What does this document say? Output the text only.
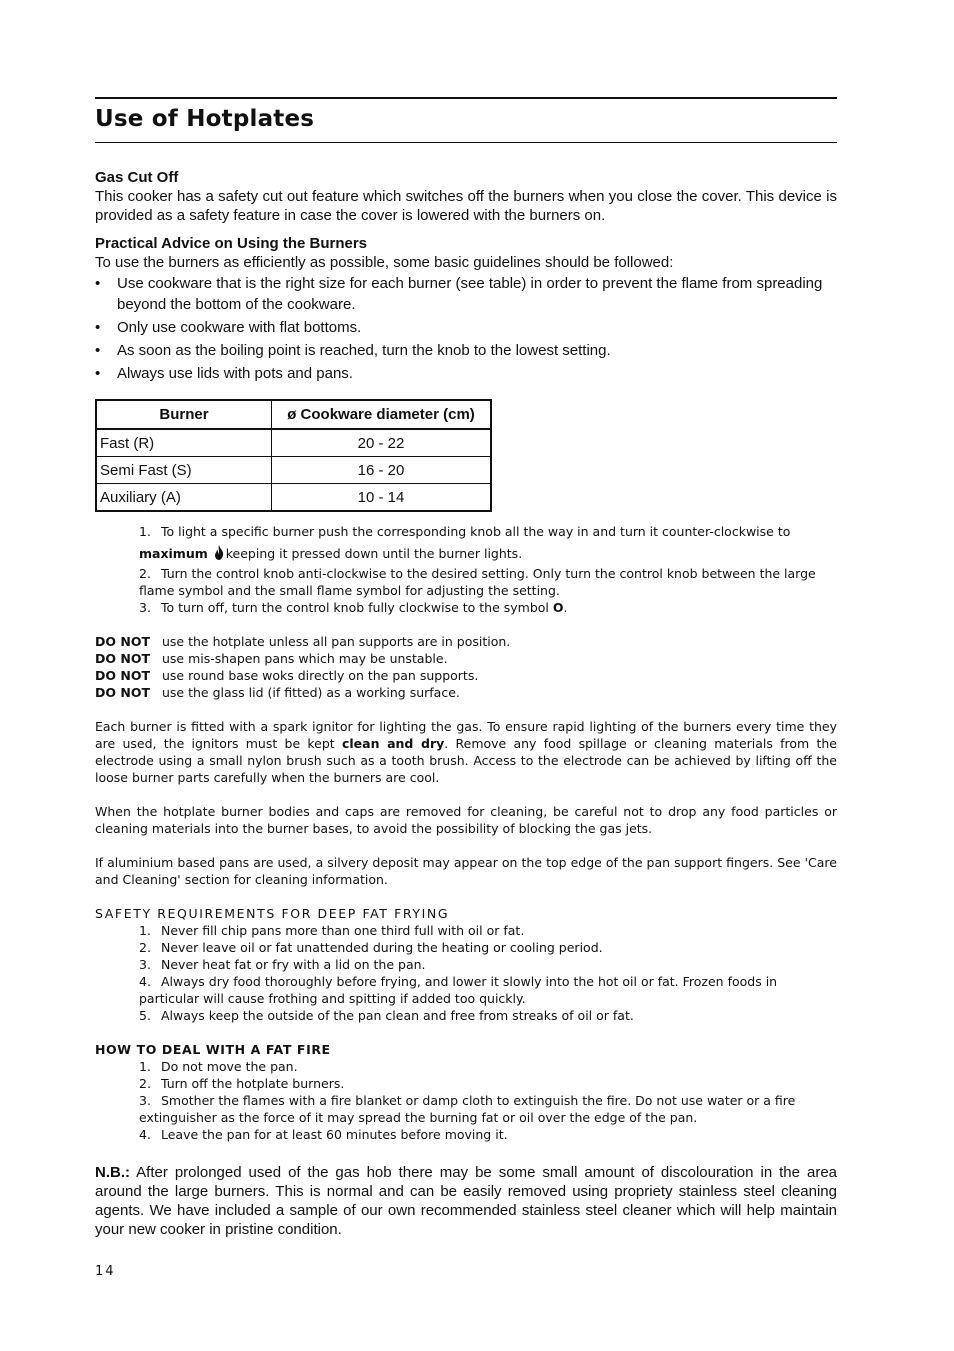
Use of Hotplates
Gas Cut Off
This cooker has a safety cut out feature which switches off the burners when you close the cover. This device is provided as a safety feature in case the cover is lowered with the burners on.
Practical Advice on Using the Burners
To use the burners as efficiently as possible, some basic guidelines should be followed:
• Use cookware that is the right size for each burner (see table) in order to prevent the flame from spreading beyond the bottom of the cookware.
• Only use cookware with flat bottoms.
• As soon as the boiling point is reached, turn the knob to the lowest setting.
• Always use lids with pots and pans.
Burner	ø Cookware diameter (cm)
Fast (R)	20 - 22
Semi Fast (S)	16 - 20
Auxiliary (A)	10 - 14
1. To light a specific burner push the corresponding knob all the way in and turn it counter-clockwise to
maximum keeping it pressed down until the burner lights.
2. Turn the control knob anti-clockwise to the desired setting. Only turn the control knob between the large flame symbol and the small flame symbol for adjusting the setting.
3. To turn off, turn the control knob fully clockwise to the symbol O.
DO NOT use the hotplate unless all pan supports are in position.
DO NOT use mis-shapen pans which may be unstable.
DO NOT use round base woks directly on the pan supports.
DO NOT use the glass lid (if fitted) as a working surface.
Each burner is fitted with a spark ignitor for lighting the gas. To ensure rapid lighting of the burners every time they are used, the ignitors must be kept clean and dry. Remove any food spillage or cleaning materials from the electrode using a small nylon brush such as a tooth brush. Access to the electrode can be achieved by lifting off the loose burner parts carefully when the burners are cool.
When the hotplate burner bodies and caps are removed for cleaning, be careful not to drop any food particles or cleaning materials into the burner bases, to avoid the possibility of blocking the gas jets.
If aluminium based pans are used, a silvery deposit may appear on the top edge of the pan support fingers. See 'Care and Cleaning' section for cleaning information.
SAFETY REQUIREMENTS FOR DEEP FAT FRYING
1. Never fill chip pans more than one third full with oil or fat.
2. Never leave oil or fat unattended during the heating or cooling period.
3. Never heat fat or fry with a lid on the pan.
4. Always dry food thoroughly before frying, and lower it slowly into the hot oil or fat. Frozen foods in particular will cause frothing and spitting if added too quickly.
5. Always keep the outside of the pan clean and free from streaks of oil or fat.
HOW TO DEAL WITH A FAT FIRE
1. Do not move the pan.
2. Turn off the hotplate burners.
3. Smother the flames with a fire blanket or damp cloth to extinguish the fire. Do not use water or a fire extinguisher as the force of it may spread the burning fat or oil over the edge of the pan.
4. Leave the pan for at least 60 minutes before moving it.
N.B.: After prolonged used of the gas hob there may be some small amount of discolouration in the area around the large burners. This is normal and can be easily removed using propriety stainless steel cleaning agents. We have included a sample of our own recommended stainless steel cleaner which will help maintain your new cooker in pristine condition.
14
